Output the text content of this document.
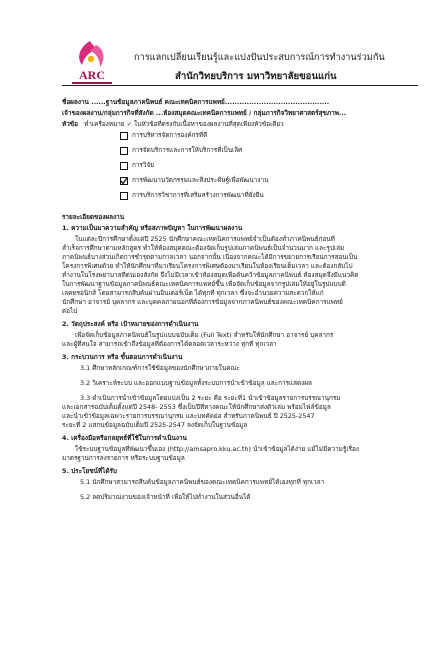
ARC
การแลกเปลี่ยนเรียนรู้และแบ่งปันประสบการณ์การทำงานร่วมกัน
สำนักวิทยบริการ มหาวิทยาลัยขอนแก่น
ชื่อผลงาน ......ฐานข้อมูลภาคนิพนธ์ คณะเทคนิคการแพทย์...........................................
เจ้าของผลงาน/กลุ่มการกิจที่สังกัด ...ห้องสมุดคณะเทคนิคการแพทย์ / กลุ่มภารกิจวิทยาศาสตร์สุขภาพ...
หัวข้อ ทำเครื่องหมาย ✓ ในหัวข้อที่ตรงกับเนื้อหาของผลงานที่สุดเพียงหัวข้อเดียว
การบริหารจัดการองค์กรที่ดี
การจัดบริการและการให้บริการที่เป็นเลิศ
การวิจัย
การพัฒนานวัตกรรมและสิ่งประดิษฐ์เพื่อพัฒนางาน
การบริการวิชาการที่เสริมสร้างการพัฒนาที่ยั่งยืน
รายละเอียดของผลงาน
1. ความเป็นมาความสำคัญ หรือสภาพปัญหา ในการพัฒนาผลงาน
ในแต่ละปีการศึกษาตั้งแต่ปี 2525 นักศึกษาคณะเทคนิคการแพทย์จำเป็นต้องทำภาคนิพนธ์ก่อนที่
สำเร็จการศึกษาตามหลักสูตร ทำให้ห้องสมุดคณะต้องจัดเก็บรูปเล่มภาคนิพนธ์เป็นจำนวนมาก และรูปเล่ม
ภาคนิพนธ์บางส่วนเกิดการชำรุดตามกาลเวลา นอกจากนั้น เนื่องจากคณะได้มีการขยายการเรียนการสอนเป็น
โครงการพิเศษด้วย ทำให้นักศึกษาที่มาเรียนโครงการพิเศษต้องมาเรียนในห้องเรียนเต็มเวลา และต้องกลับไป
ทำงานในโรงพยาบาลที่ตนเองสังกัด จึงไม่มีเวลาเข้าห้องสมุดเพื่อค้นคว้าข้อมูลภาคนิพนธ์ ห้องสมุดจึงมีแนวคิด
ในการพัฒนาฐานข้อมูลภาคนิพนธ์คณะเทคนิคการแพทย์ขึ้น เพื่อจัดเก็บข้อมูลจากรูปเล่มให้อยู่ในรูปแบบดิ
เลคทรอนิกส์ โดยสามารถสืบค้นผ่านอินเตอร์เน็ต ได้ทุกที่ ทุกเวลา ซึ่งจะอำนวยความสะดวกให้แก่
นักศึกษา อาจารย์ บุคลากร และบุคคลภายนอกที่ต้องการข้อมูลจากภาคนิพนธ์ของคณะเทคนิคการแพทย์
ต่อไป
2. วัตถุประสงค์ หรือ เป้าหมายของการดำเนินงาน
เพื่อจัดเก็บข้อมูลภาคนิพนธ์ในรูปแบบฉบับเต็ม (Full Text) สำหรับให้นักศึกษา อาจารย์ บุคลากร
และผู้ที่สนใจ สามารถเข้าถึงข้อมูลที่ต้องการได้ตลอดเวลาระหว่าง ทุกที่ ทุกเวลา
3. กระบวนการ หรือ ขั้นตอนการดำเนินงาน
3.1 ศึกษาหลักเกณฑ์การใช้ข้อมูลของนักศึกษาภายในคณะ
3.2 วิเคราะห์ระบบ และออกแบบฐานข้อมูลทั้งระบบการนำเข้าข้อมูล และการแสดงผล
3.3 ดำเนินการนำเข้าข้อมูลโดยแบ่งเป็น 2 ระยะ คือ ระยะที่1 นำเข้าข้อมูลรายการบรรณานุกรม
และเอกสารฉบับเต็มตั้งแต่ปี 2548- 2553 ซึ่งเป็นปีที่ทางคณะให้นักศึกษาส่งตัวเล่ม พร้อมไฟล์ข้อมูล
และนำเข้าข้อมูลเฉพาะรายการบรรณานุกรม และบทคัดย่อ สำหรับภาคนิพนธ์ ปี 2525-2547
ระยะที่ 2 แสกนข้อมูลฉบับเต็มปี 2525-2547 ลงจัดเก็บในฐานข้อมูล
4. เครื่องมือหรือกลยุทธ์ที่ใช้ในการดำเนินงาน
ใช้ระบบฐานข้อมูลที่พัฒนาขึ้นเอง (http://amsapro.kku.ac.th) นำเข้าข้อมูลได้ง่าย แม้ไม่มีความรู้เรื่อง
มาตรฐานการลงรายการ หรือระบบฐานข้อมูล
5. ประโยชน์ที่ได้รับ
5.1 นักศึกษาสามารถสืบค้นข้อมูลภาคนิพนธ์ของคณะเทคนิคการแพทย์ได้เองทุกที่ ทุกเวลา
5.2 ลดปริมาณงานของเจ้าหน้าที่ เพื่อให้ไปทำงานในส่วนอื่นได้
